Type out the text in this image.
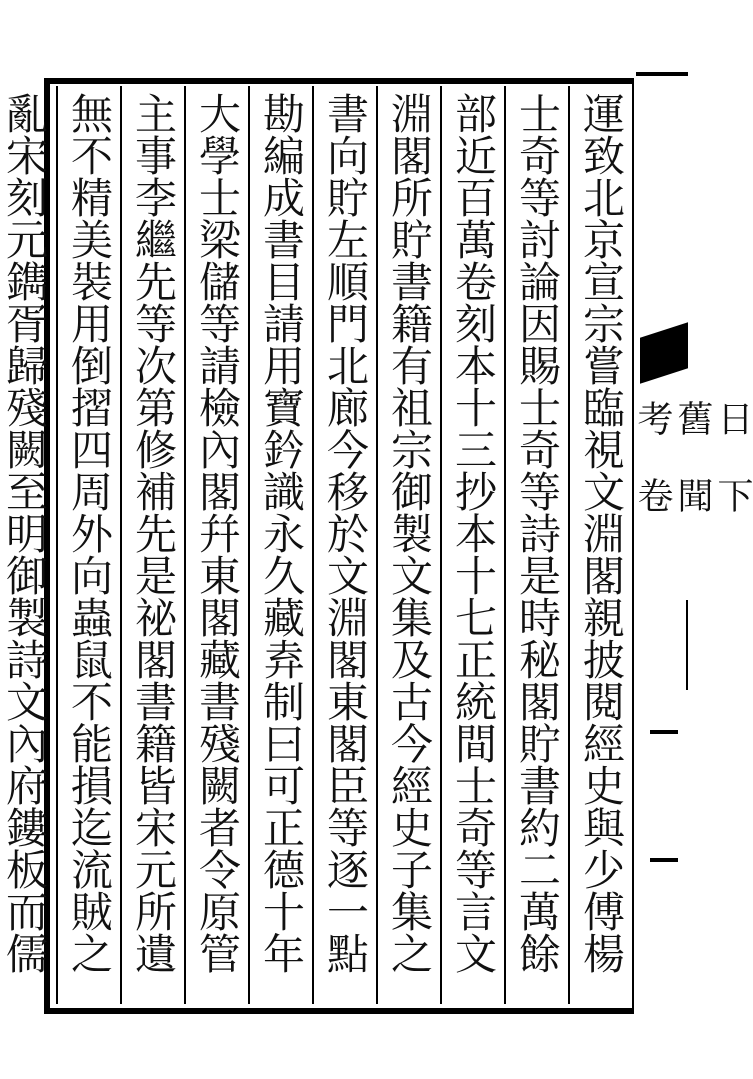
運致北京宣宗嘗臨視文淵閣親披閱經史與少傅楊
士奇等討論因賜士奇等詩是時秘閣貯書約二萬餘
部近百萬卷刻本十三抄本十七正統間士奇等言文
淵閣所貯書籍有祖宗御製文集及古今經史子集之
書向貯左順門北廊今移於文淵閣東閣臣等逐一點
勘編成書目請用寶鈐識永久藏弆制曰可正德十年
大學士梁儲等請檢內閣幷東閣藏書殘闕者令原管
主事李繼先等次第修補先是祕閣書籍皆宋元所遺
無不精美裝用倒摺四周外向蟲鼠不能損迄流賊之
亂宋刻元鐫胥歸殘闕至明御製詩文內府鏤板而儒	日 下 舊 聞 考 卷
